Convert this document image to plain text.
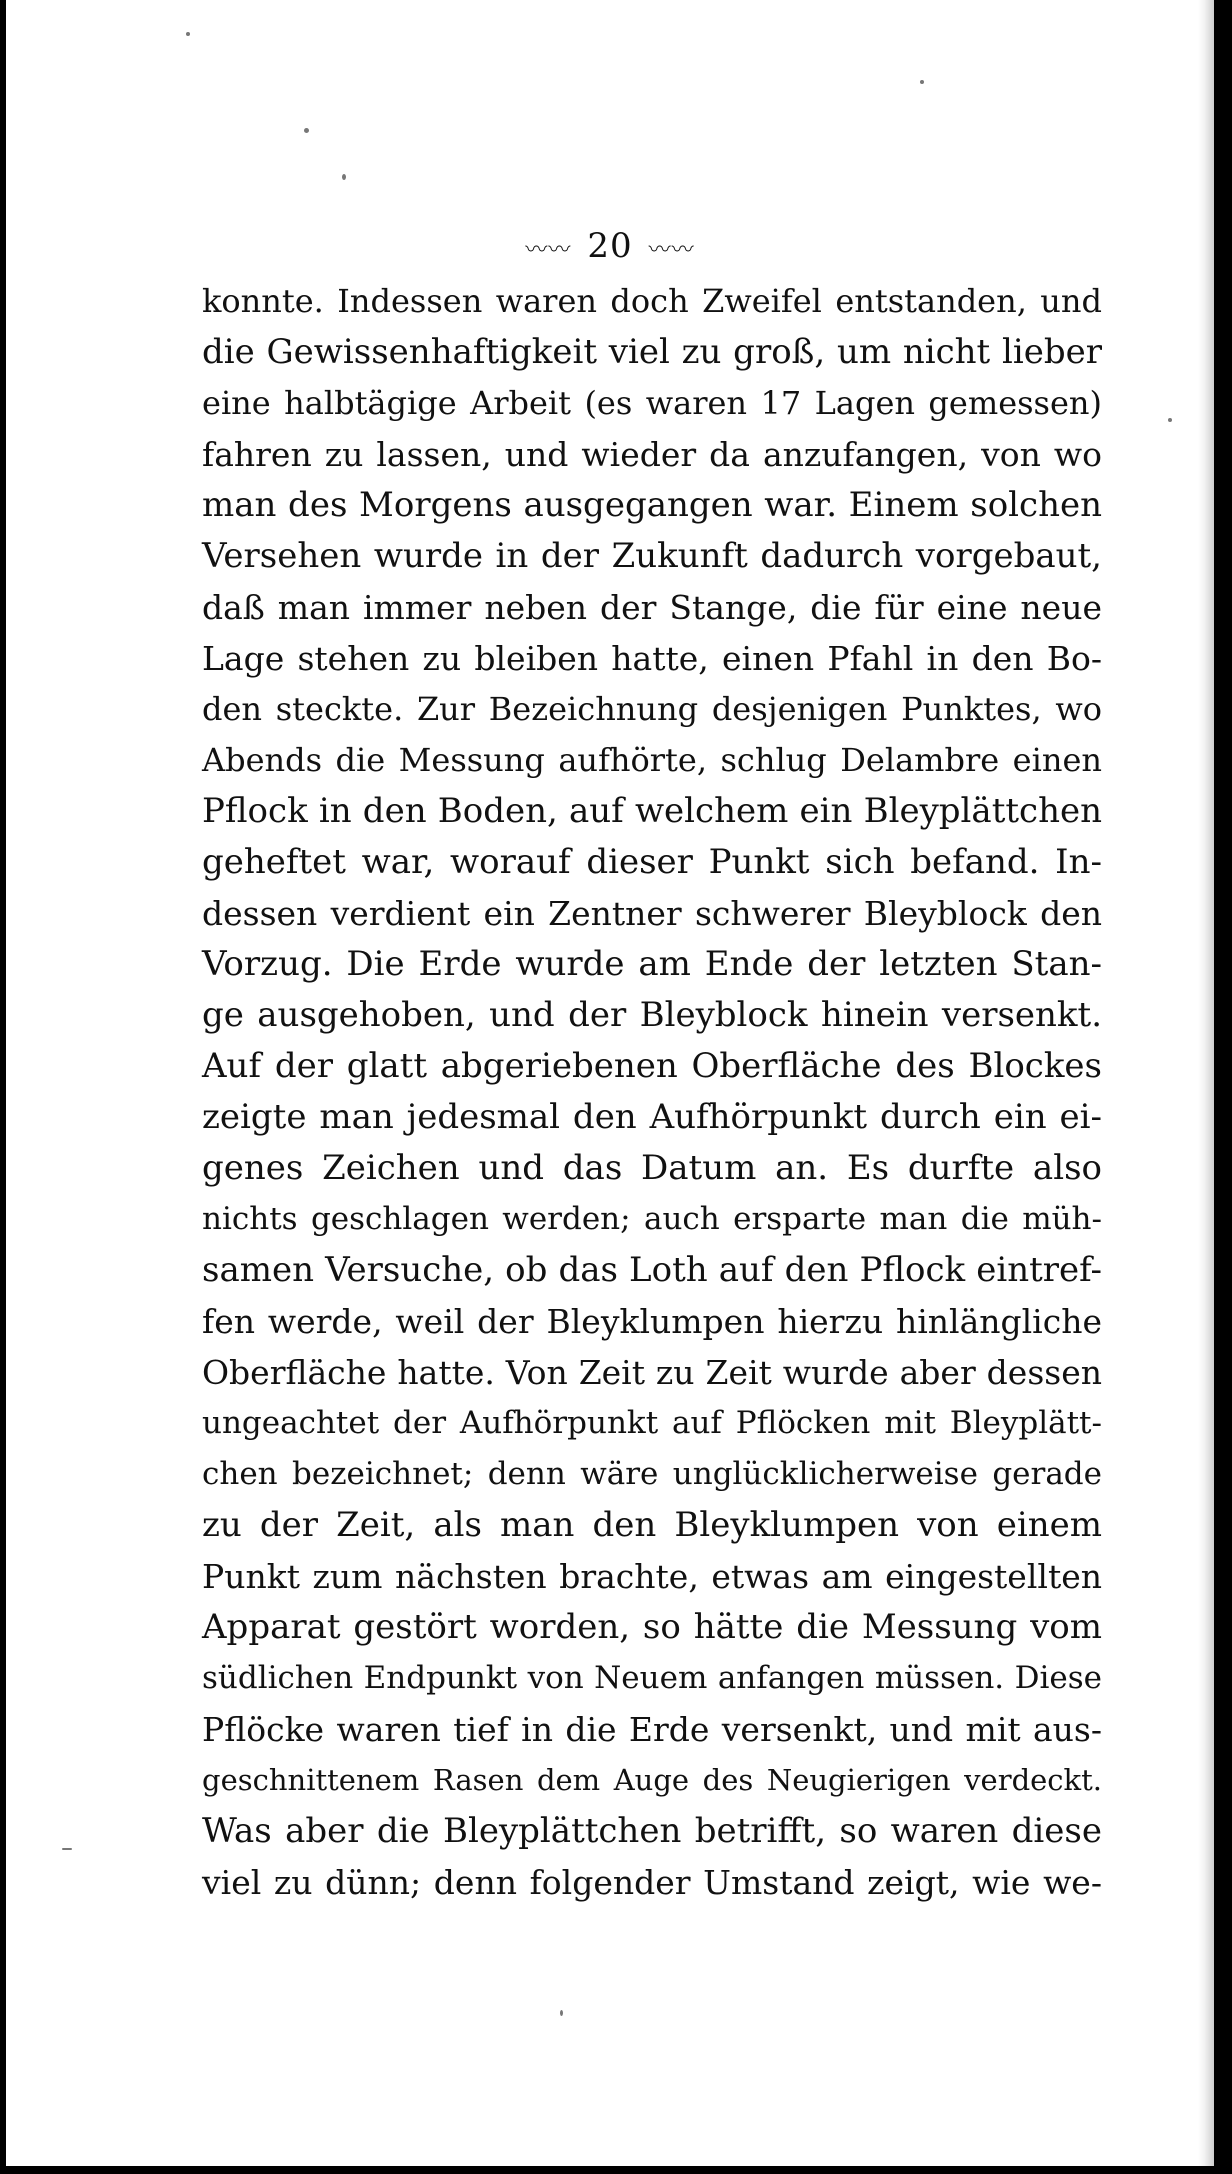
〰〰 20 〰〰
konnte. Indessen waren doch Zweifel entstanden, und
die Gewissenhaftigkeit viel zu groß, um nicht lieber
eine halbtägige Arbeit (es waren 17 Lagen gemessen)
fahren zu lassen, und wieder da anzufangen, von wo
man des Morgens ausgegangen war. Einem solchen
Versehen wurde in der Zukunft dadurch vorgebaut,
daß man immer neben der Stange, die für eine neue
Lage stehen zu bleiben hatte, einen Pfahl in den Bo-
den steckte. Zur Bezeichnung desjenigen Punktes, wo
Abends die Messung aufhörte, schlug Delambre einen
Pflock in den Boden, auf welchem ein Bleyplättchen
geheftet war, worauf dieser Punkt sich befand. In-
dessen verdient ein Zentner schwerer Bleyblock den
Vorzug. Die Erde wurde am Ende der letzten Stan-
ge ausgehoben, und der Bleyblock hinein versenkt.
Auf der glatt abgeriebenen Oberfläche des Blockes
zeigte man jedesmal den Aufhörpunkt durch ein ei-
genes Zeichen und das Datum an. Es durfte also
nichts geschlagen werden; auch ersparte man die müh-
samen Versuche, ob das Loth auf den Pflock eintref-
fen werde, weil der Bleyklumpen hierzu hinlängliche
Oberfläche hatte. Von Zeit zu Zeit wurde aber dessen
ungeachtet der Aufhörpunkt auf Pflöcken mit Bleyplätt-
chen bezeichnet; denn wäre unglücklicherweise gerade
zu der Zeit, als man den Bleyklumpen von einem
Punkt zum nächsten brachte, etwas am eingestellten
Apparat gestört worden, so hätte die Messung vom
südlichen Endpunkt von Neuem anfangen müssen. Diese
Pflöcke waren tief in die Erde versenkt, und mit aus-
geschnittenem Rasen dem Auge des Neugierigen verdeckt.
Was aber die Bleyplättchen betrifft, so waren diese
viel zu dünn; denn folgender Umstand zeigt, wie we-
